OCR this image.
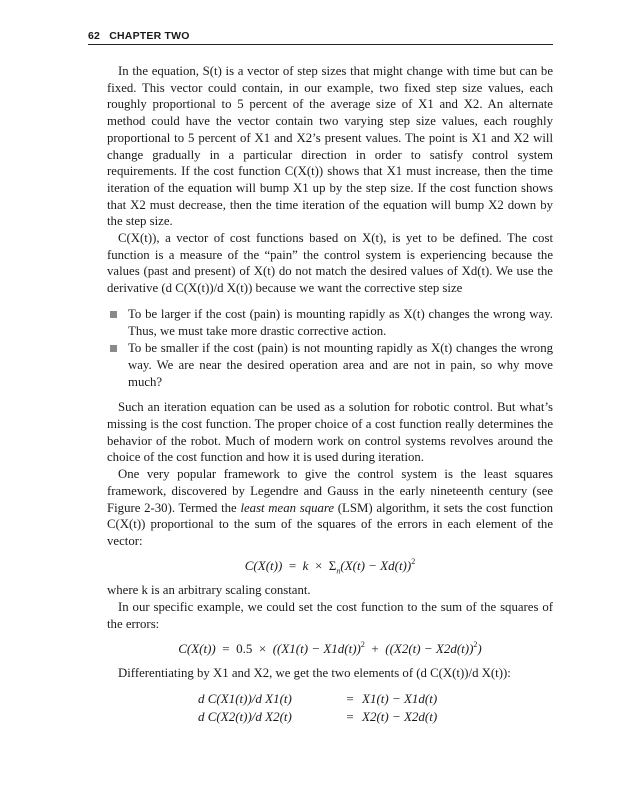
62 CHAPTER TWO

In the equation, S(t) is a vector of step sizes that might change with time but can be fixed. This vector could contain, in our example, two fixed step size values, each roughly proportional to 5 percent of the average size of X1 and X2. An alternate method could have the vector contain two varying step size values, each roughly proportional to 5 percent of X1 and X2’s present values. The point is X1 and X2 will change gradually in a particular direction in order to satisfy control system requirements. If the cost function C(X(t)) shows that X1 must increase, then the time iteration of the equation will bump X1 up by the step size. If the cost function shows that X2 must decrease, then the time iteration of the equation will bump X2 down by the step size.

C(X(t)), a vector of cost functions based on X(t), is yet to be defined. The cost function is a measure of the “pain” the control system is experiencing because the values (past and present) of X(t) do not match the desired values of Xd(t). We use the derivative (d C(X(t))/d X(t)) because we want the corrective step size

To be larger if the cost (pain) is mounting rapidly as X(t) changes the wrong way. Thus, we must take more drastic corrective action.
To be smaller if the cost (pain) is not mounting rapidly as X(t) changes the wrong way. We are near the desired operation area and are not in pain, so why move much?

Such an iteration equation can be used as a solution for robotic control. But what’s missing is the cost function. The proper choice of a cost function really determines the behavior of the robot. Much of modern work on control systems revolves around the choice of the cost function and how it is used during iteration.

One very popular framework to give the control system is the least squares framework, discovered by Legendre and Gauss in the early nineteenth century (see Figure 2-30). Termed the least mean square (LSM) algorithm, it sets the cost function C(X(t)) proportional to the sum of the squares of the errors in each element of the vector:

$C(X(t)) = k \times \Sigma_n(X(t) - Xd(t))^2$

where k is an arbitrary scaling constant.

In our specific example, we could set the cost function to the sum of the squares of the errors:

$C(X(t)) = 0.5 \times ((X1(t) - X1d(t))^2 + ((X2(t) - X2d(t))^2)$

Differentiating by X1 and X2, we get the two elements of (d C(X(t))/d X(t)):

d C(X1(t))/d X1(t)	= X1(t) − X1d(t)
d C(X2(t))/d X2(t)	= X2(t) − X2d(t)
